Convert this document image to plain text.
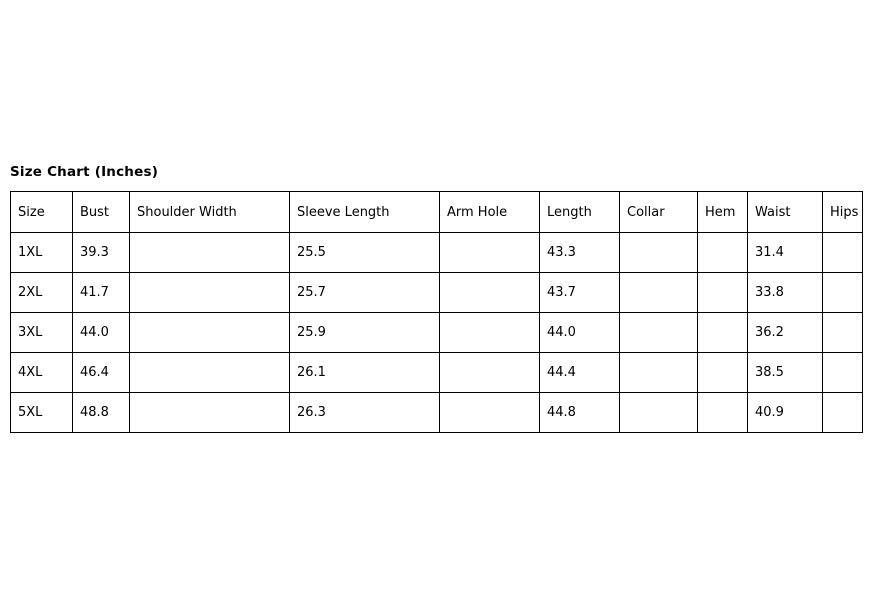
Size Chart (Inches)
Size	Bust	Shoulder Width	Sleeve Length	Arm Hole	Length	Collar	Hem	Waist	Hips
1XL	39.3		25.5		43.3			31.4	
2XL	41.7		25.7		43.7			33.8	
3XL	44.0		25.9		44.0			36.2	
4XL	46.4		26.1		44.4			38.5	
5XL	48.8		26.3		44.8			40.9	
